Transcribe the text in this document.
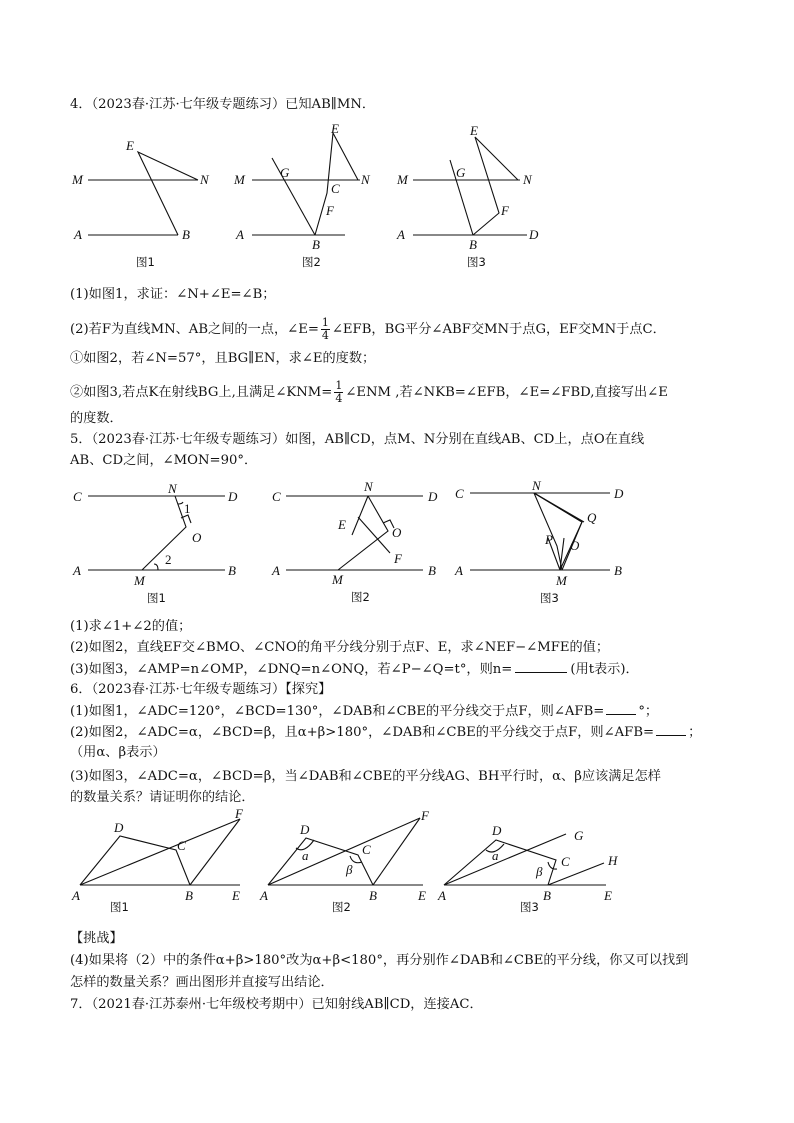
4．（2023春·江苏·七年级专题练习）已知AB∥MN．
M	N
E
A	B
图1
M	N
G
E
C
F
A
B
图2
M	N
G
E
F
A
B
D
图3
(1)如图1，求证：∠N+∠E=∠B；
(2)若F为直线MN、AB之间的一点，∠E= $\frac{1}{4}$ ∠EFB，BG平分∠ABF交MN于点G，EF交MN于点C．
①如图2，若∠N=57°，且BG∥EN，求∠E的度数；
②如图3,若点K在射线BG上,且满足∠KNM= $\frac{1}{4}$ ∠ENM ,若∠NKB=∠EFB，∠E=∠FBD,直接写出∠E
的度数．
5．（2023春·江苏·七年级专题练习）如图，AB∥CD，点M、N分别在直线AB、CD上，点O在直线
AB、CD之间，∠MON=90°．
C	D
N
1
O
2
A	B
M
图1
C	D
N
E
O
F
A	B
M
图2
C	D
N
Q
P O
A	B
M
图3
(1)求∠1+∠2的值；
(2)如图2，直线EF交∠BMO、∠CNO的角平分线分别于点F、E，求∠NEF−∠MFE的值；
(3)如图3，∠AMP=n∠OMP，∠DNQ=n∠ONQ，若∠P−∠Q=t°，则n=	(用t表示)．
6．（2023春·江苏·七年级专题练习）【探究】
(1)如图1，∠ADC=120°，∠BCD=130°，∠DAB和∠CBE的平分线交于点F，则∠AFB=	°；
(2)如图2，∠ADC=α，∠BCD=β，且α+β>180°，∠DAB和∠CBE的平分线交于点F，则∠AFB=	；
（用α、β表示）
(3)如图3，∠ADC=α，∠BCD=β，当∠DAB和∠CBE的平分线AG、BH平行时，α、β应该满足怎样
的数量关系？请证明你的结论．
D
C
F
A	B	E
图1
D
C
a
β
F
A	B	E
图2
D
C
a
β
G
H
A	B	E
图3
【挑战】
(4)如果将（2）中的条件α+β>180°改为α+β<180°，再分别作∠DAB和∠CBE的平分线，你又可以找到
怎样的数量关系？画出图形并直接写出结论．
7．（2021春·江苏泰州·七年级校考期中）已知射线AB∥CD，连接AC．
